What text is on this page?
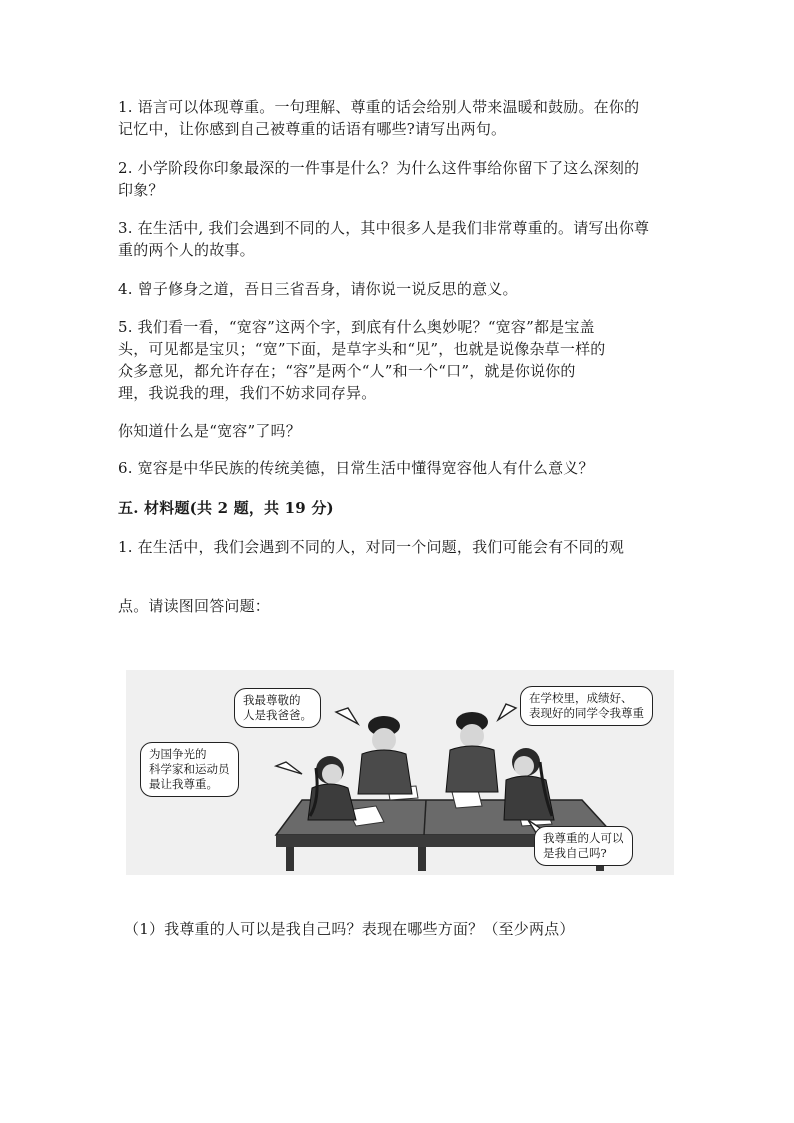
1. 语言可以体现尊重。一句理解、尊重的话会给别人带来温暖和鼓励。在你的
记忆中，让你感到自己被尊重的话语有哪些?请写出两句。
2. 小学阶段你印象最深的一件事是什么？为什么这件事给你留下了这么深刻的
印象？
3. 在生活中, 我们会遇到不同的人，其中很多人是我们非常尊重的。请写出你尊
重的两个人的故事。
4. 曾子修身之道，吾日三省吾身，请你说一说反思的意义。
5. 我们看一看，“宽容”这两个字，到底有什么奥妙呢？“宽容”都是宝盖
头，可见都是宝贝；“宽”下面，是草字头和“见”，也就是说像杂草一样的
众多意见，都允许存在；“容”是两个“人”和一个“口”，就是你说你的
理，我说我的理，我们不妨求同存异。
你知道什么是“宽容”了吗？
6. 宽容是中华民族的传统美德，日常生活中懂得宽容他人有什么意义？
五. 材料题(共 2 题，共 19 分)
1. 在生活中，我们会遇到不同的人，对同一个问题，我们可能会有不同的观
点。请读图回答问题：
我最尊敬的
人是我爸爸。
在学校里，成绩好、
表现好的同学令我尊重
为国争光的
科学家和运动员
最让我尊重。
我尊重的人可以
是我自己吗?
（1）我尊重的人可以是我自己吗？表现在哪些方面？（至少两点）
